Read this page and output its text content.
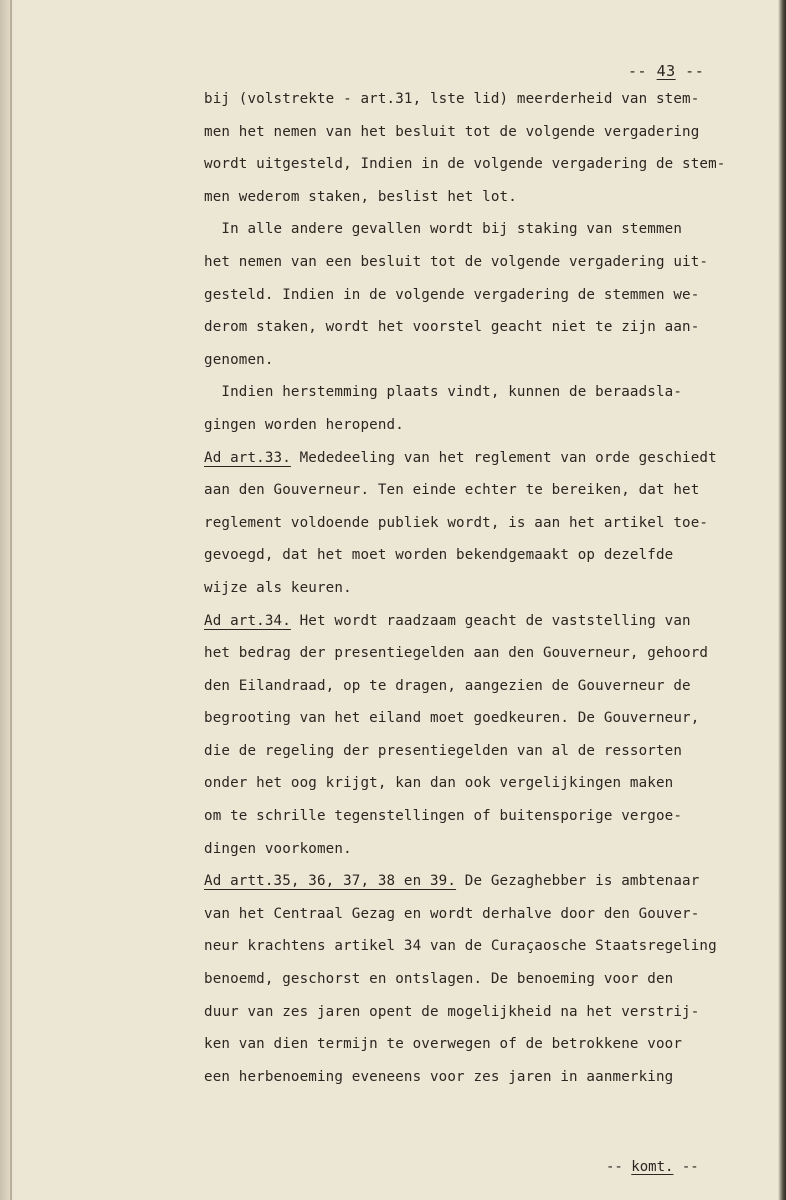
-- 43 --
bij (volstrekte - art.31, lste lid) meerderheid van stem-
men het nemen van het besluit tot de volgende vergadering
wordt uitgesteld, Indien in de volgende vergadering de stem-
men wederom staken, beslist het lot.
In alle andere gevallen wordt bij staking van stemmen
het nemen van een besluit tot de volgende vergadering uit-
gesteld. Indien in de volgende vergadering de stemmen we-
derom staken, wordt het voorstel geacht niet te zijn aan-
genomen.
Indien herstemming plaats vindt, kunnen de beraadsla-
gingen worden heropend.
Ad art.33. Mededeeling van het reglement van orde geschiedt
aan den Gouverneur. Ten einde echter te bereiken, dat het
reglement voldoende publiek wordt, is aan het artikel toe-
gevoegd, dat het moet worden bekendgemaakt op dezelfde
wijze als keuren.
Ad art.34. Het wordt raadzaam geacht de vaststelling van
het bedrag der presentiegelden aan den Gouverneur, gehoord
den Eilandraad, op te dragen, aangezien de Gouverneur de
begrooting van het eiland moet goedkeuren. De Gouverneur,
die de regeling der presentiegelden van al de ressorten
onder het oog krijgt, kan dan ook vergelijkingen maken
om te schrille tegenstellingen of buitensporige vergoe-
dingen voorkomen.
Ad artt.35, 36, 37, 38 en 39. De Gezaghebber is ambtenaar
van het Centraal Gezag en wordt derhalve door den Gouver-
neur krachtens artikel 34 van de Curaçaosche Staatsregeling
benoemd, geschorst en ontslagen. De benoeming voor den
duur van zes jaren opent de mogelijkheid na het verstrij-
ken van dien termijn te overwegen of de betrokkene voor
een herbenoeming eveneens voor zes jaren in aanmerking
-- komt. --
